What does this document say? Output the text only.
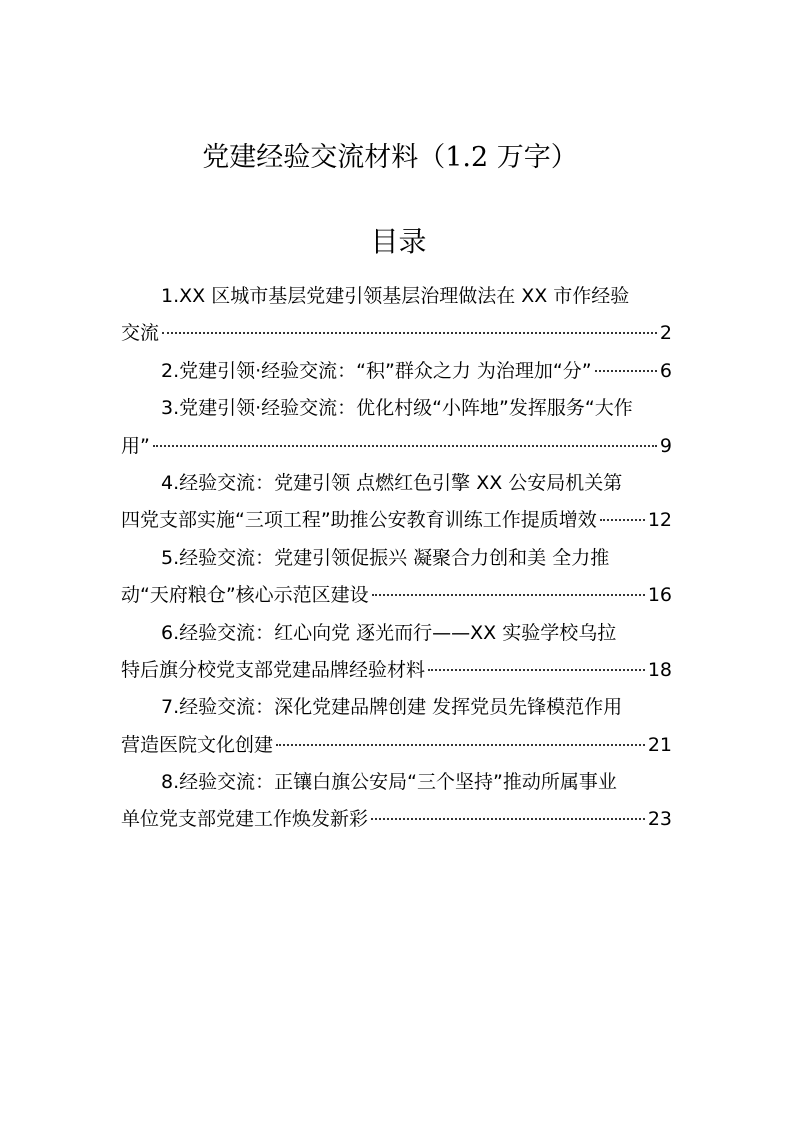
党建经验交流材料（1.2 万字）
目录
1.XX 区城市基层党建引领基层治理做法在 XX 市作经验
交流	2
2.党建引领·经验交流：“积”群众之力 为治理加“分”	6
3.党建引领·经验交流：优化村级“小阵地”发挥服务“大作
用”	9
4.经验交流：党建引领 点燃红色引擎 XX 公安局机关第
四党支部实施“三项工程”助推公安教育训练工作提质增效	12
5.经验交流：党建引领促振兴 凝聚合力创和美 全力推
动“天府粮仓”核心示范区建设	16
6.经验交流：红心向党 逐光而行——XX 实验学校乌拉
特后旗分校党支部党建品牌经验材料	18
7.经验交流：深化党建品牌创建 发挥党员先锋模范作用
营造医院文化创建	21
8.经验交流：正镶白旗公安局“三个坚持”推动所属事业
单位党支部党建工作焕发新彩	23
